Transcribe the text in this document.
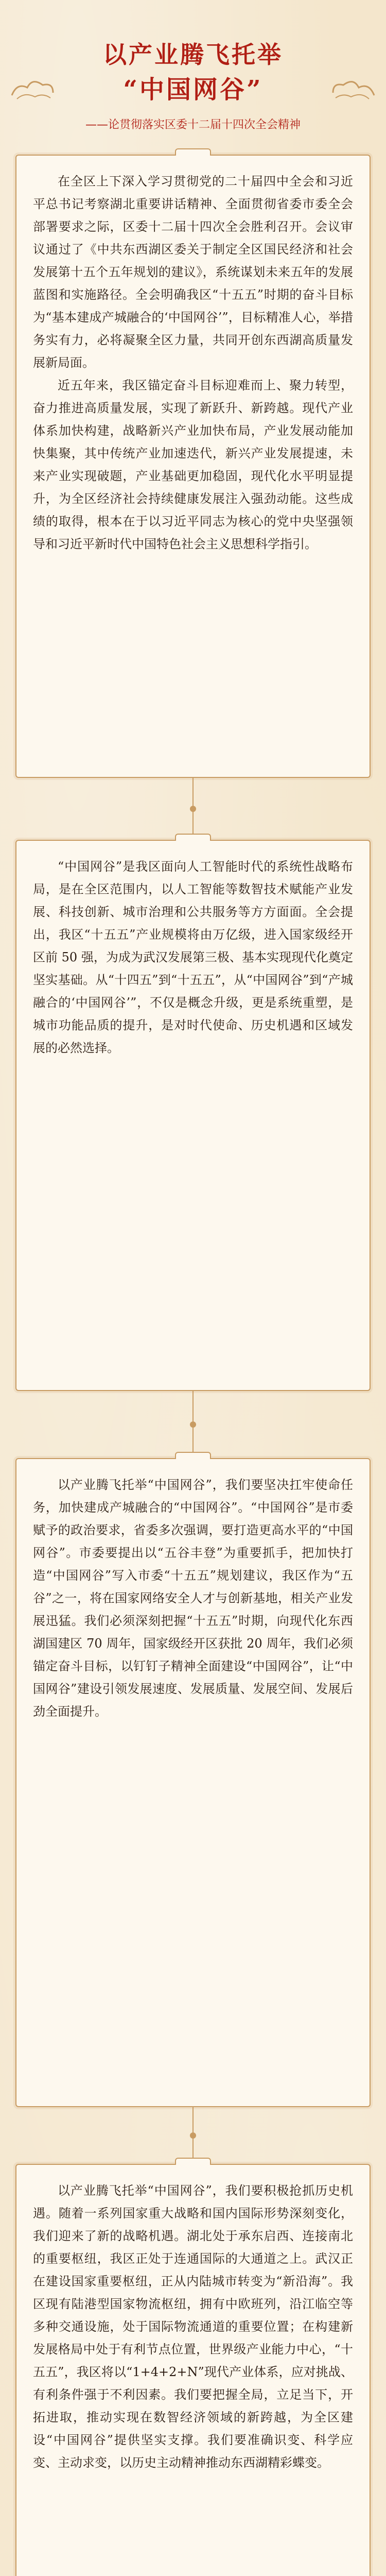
以产业腾飞托举
“中国网谷”
——论贯彻落实区委十二届十四次全会精神

在全区上下深入学习贯彻党的二十届四中全会和习近平总书记考察湖北重要讲话精神、全面贯彻省委市委全会部署要求之际，区委十二届十四次全会胜利召开。会议审议通过了《中共东西湖区委关于制定全区国民经济和社会发展第十五个五年规划的建议》，系统谋划未来五年的发展蓝图和实施路径。全会明确我区“十五五”时期的奋斗目标为“基本建成产城融合的‘中国网谷’”，目标精准人心，举措务实有力，必将凝聚全区力量，共同开创东西湖高质量发展新局面。

近五年来，我区锚定奋斗目标迎难而上、聚力转型，奋力推进高质量发展，实现了新跃升、新跨越。现代产业体系加快构建，战略新兴产业加快布局，产业发展动能加快集聚，其中传统产业加速迭代，新兴产业发展提速，未来产业实现破题，产业基础更加稳固，现代化水平明显提升，为全区经济社会持续健康发展注入强劲动能。这些成绩的取得，根本在于以习近平同志为核心的党中央坚强领导和习近平新时代中国特色社会主义思想科学指引。

“中国网谷”是我区面向人工智能时代的系统性战略布局，是在全区范围内，以人工智能等数智技术赋能产业发展、科技创新、城市治理和公共服务等方方面面。全会提出，我区“十五五”产业规模将由万亿级，进入国家级经开区前 50 强，为成为武汉发展第三极、基本实现现代化奠定坚实基础。从“十四五”到“十五五”，从“中国网谷”到“产城融合的‘中国网谷’”，不仅是概念升级，更是系统重塑，是城市功能品质的提升，是对时代使命、历史机遇和区域发展的必然选择。

以产业腾飞托举“中国网谷”，我们要坚决扛牢使命任务，加快建成产城融合的“中国网谷”。“中国网谷”是市委赋予的政治要求，省委多次强调，要打造更高水平的“中国网谷”。市委要提出以“五谷丰登”为重要抓手，把加快打造“中国网谷”写入市委“十五五”规划建议，我区作为“五谷”之一，将在国家网络安全人才与创新基地，相关产业发展迅猛。我们必须深刻把握“十五五”时期，向现代化东西湖国建区 70 周年，国家级经开区获批 20 周年，我们必须锚定奋斗目标，以钉钉子精神全面建设“中国网谷”，让“中国网谷”建设引领发展速度、发展质量、发展空间、发展后劲全面提升。

以产业腾飞托举“中国网谷”，我们要积极抢抓历史机遇。随着一系列国家重大战略和国内国际形势深刻变化，我们迎来了新的战略机遇。湖北处于承东启西、连接南北的重要枢纽，我区正处于连通国际的大通道之上。武汉正在建设国家重要枢纽，正从内陆城市转变为“新沿海”。我区现有陆港型国家物流枢纽，拥有中欧班列，沿江临空等多种交通设施，处于国际物流通道的重要位置；在构建新发展格局中处于有利节点位置，世界级产业能力中心，“十五五”，我区将以“1+4+2+N”现代产业体系，应对挑战、有利条件强于不利因素。我们要把握全局，立足当下，开拓进取，推动实现在数智经济领域的新跨越，为全区建设“中国网谷”提供坚实支撑。我们要准确识变、科学应变、主动求变，以历史主动精神推动东西湖精彩蝶变。
